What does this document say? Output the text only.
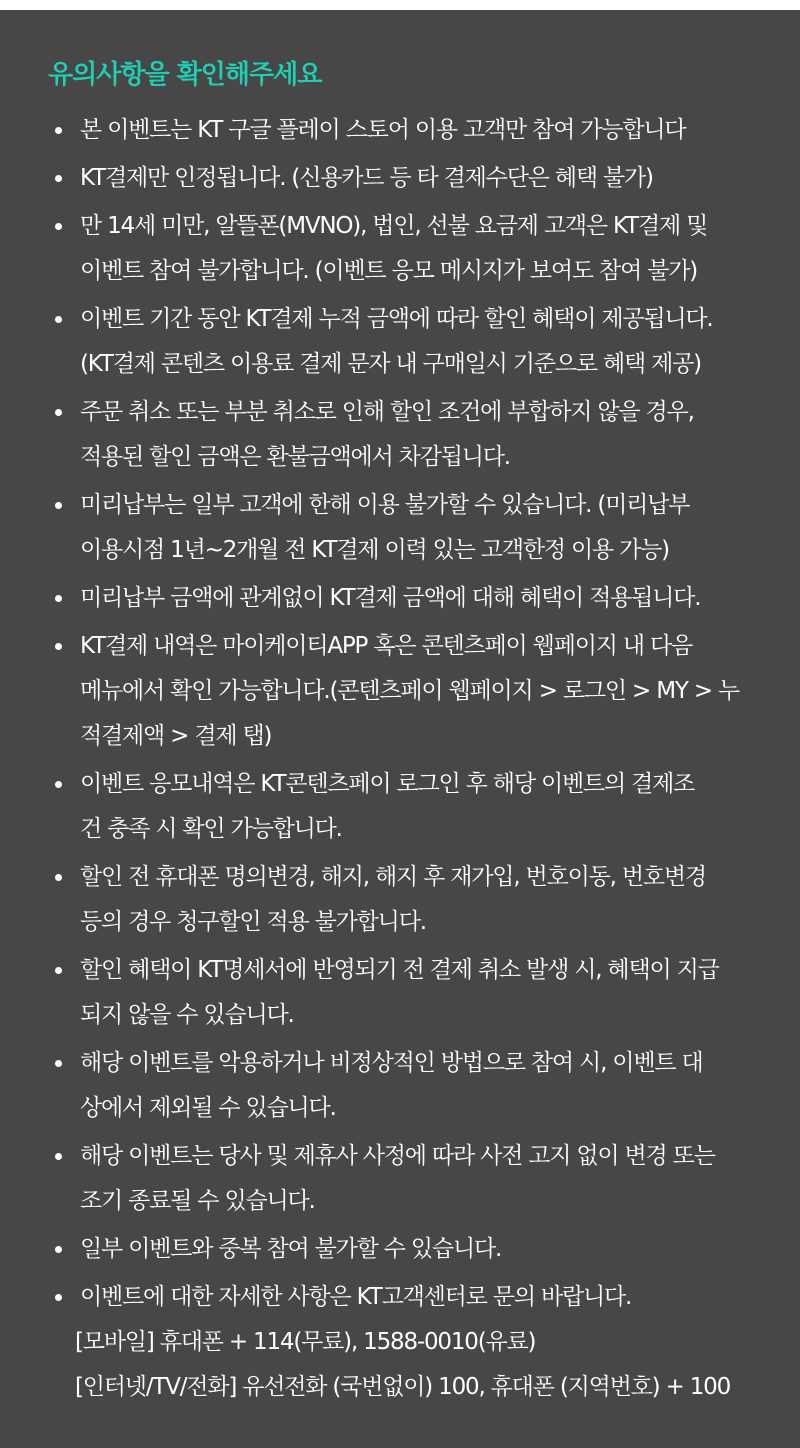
유의사항을 확인해주세요
본 이벤트는 KT 구글 플레이 스토어 이용 고객만 참여 가능합니다
KT결제만 인정됩니다. (신용카드 등 타 결제수단은 혜택 불가)
만 14세 미만, 알뜰폰(MVNO), 법인, 선불 요금제 고객은 KT결제 및
이벤트 참여 불가합니다. (이벤트 응모 메시지가 보여도 참여 불가)
이벤트 기간 동안 KT결제 누적 금액에 따라 할인 혜택이 제공됩니다.
(KT결제 콘텐츠 이용료 결제 문자 내 구매일시 기준으로 혜택 제공)
주문 취소 또는 부분 취소로 인해 할인 조건에 부합하지 않을 경우,
적용된 할인 금액은 환불금액에서 차감됩니다.
미리납부는 일부 고객에 한해 이용 불가할 수 있습니다. (미리납부
이용시점 1년~2개월 전 KT결제 이력 있는 고객한정 이용 가능)
미리납부 금액에 관계없이 KT결제 금액에 대해 혜택이 적용됩니다.
KT결제 내역은 마이케이티APP 혹은 콘텐츠페이 웹페이지 내 다음
메뉴에서 확인 가능합니다.(콘텐츠페이 웹페이지 > 로그인 > MY > 누
적결제액 > 결제 탭)
이벤트 응모내역은 KT콘텐츠페이 로그인 후 해당 이벤트의 결제조
건 충족 시 확인 가능합니다.
할인 전 휴대폰 명의변경, 해지, 해지 후 재가입, 번호이동, 번호변경
등의 경우 청구할인 적용 불가합니다.
할인 혜택이 KT명세서에 반영되기 전 결제 취소 발생 시, 혜택이 지급
되지 않을 수 있습니다.
해당 이벤트를 악용하거나 비정상적인 방법으로 참여 시, 이벤트 대
상에서 제외될 수 있습니다.
해당 이벤트는 당사 및 제휴사 사정에 따라 사전 고지 없이 변경 또는
조기 종료될 수 있습니다.
일부 이벤트와 중복 참여 불가할 수 있습니다.
이벤트에 대한 자세한 사항은 KT고객센터로 문의 바랍니다.
[모바일] 휴대폰 + 114(무료), 1588-0010(유료)
[인터넷/TV/전화] 유선전화 (국번없이) 100, 휴대폰 (지역번호) + 100
